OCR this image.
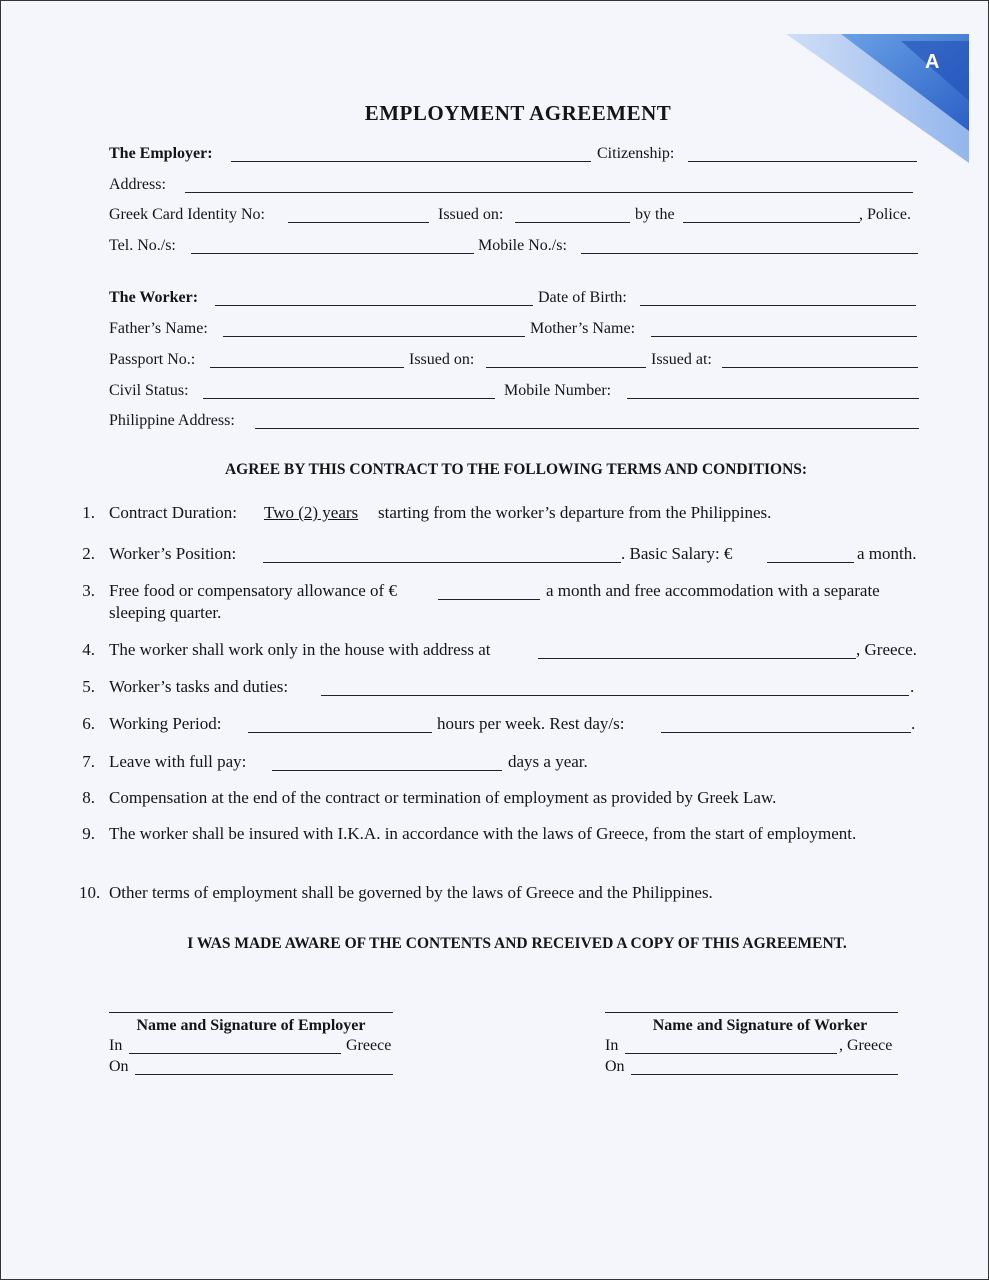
A
EMPLOYMENT AGREEMENT
The Employer:	Citizenship:
Address:
Greek Card Identity No:	Issued on:	by the	, Police.
Tel. No./s:	Mobile No./s:
The Worker:	Date of Birth:
Father’s Name:	Mother’s Name:
Passport No.:	Issued on:	Issued at:
Civil Status:	Mobile Number:
Philippine Address:
AGREE BY THIS CONTRACT TO THE FOLLOWING TERMS AND CONDITIONS:
1. Contract Duration: Two (2) years starting from the worker’s departure from the Philippines.
2. Worker’s Position:	. Basic Salary: €	a month.
3. Free food or compensatory allowance of €	a month and free accommodation with a separate
sleeping quarter.
4. The worker shall work only in the house with address at	, Greece.
5. Worker’s tasks and duties:	.
6. Working Period:	hours per week. Rest day/s:	.
7. Leave with full pay:	days a year.
8. Compensation at the end of the contract or termination of employment as provided by Greek Law.
9. The worker shall be insured with I.K.A. in accordance with the laws of Greece, from the start of employment.
10. Other terms of employment shall be governed by the laws of Greece and the Philippines.
I WAS MADE AWARE OF THE CONTENTS AND RECEIVED A COPY OF THIS AGREEMENT.
Name and Signature of Employer
In	Greece
On
Name and Signature of Worker
In	, Greece
On
